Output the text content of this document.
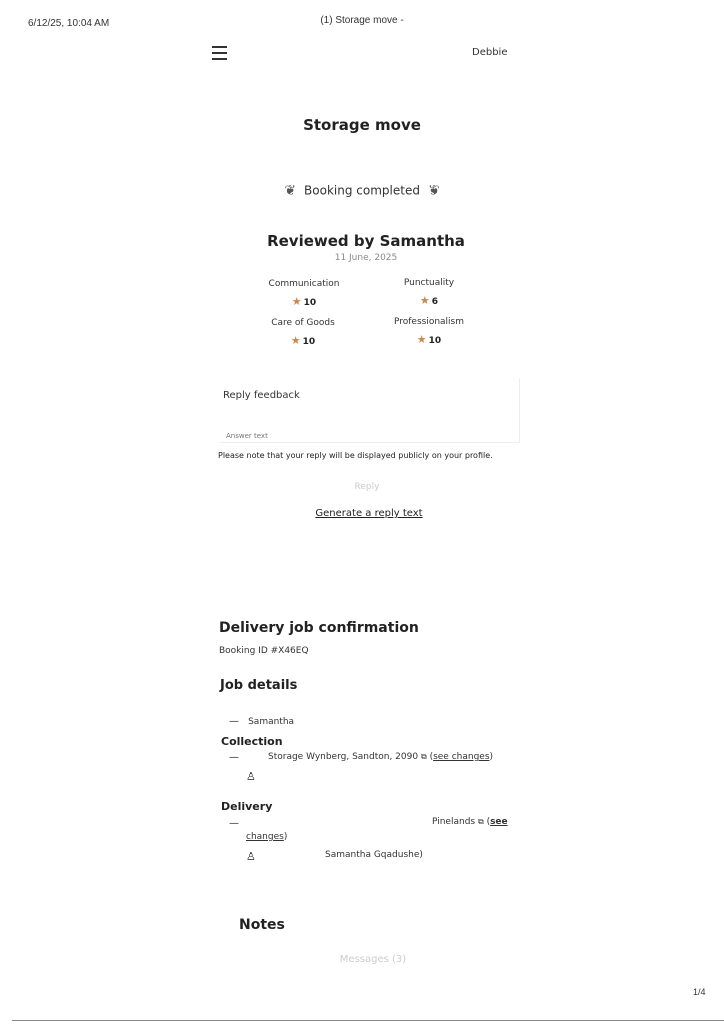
6/12/25, 10:04 AM	(1) Storage move -
Debbie
Storage move
❦ Booking completed ❦
Reviewed by Samantha
11 June, 2025
Communication
★ 10
Punctuality
★ 6
Care of Goods
★ 10
Professionalism
★ 10
Reply feedback
Answer text
Please note that your reply will be displayed publicly on your profile.
Reply
Generate a reply text
Delivery job confirmation
Booking ID #X46EQ
Job details
— Samantha
Collection
—	Storage Wynberg, Sandton, 2090 ⧉ (see changes)
♙
Delivery
—	Pinelands ⧉ (see
changes)
♙	Samantha Gqadushe)
Notes
Messages (3)
1/4
